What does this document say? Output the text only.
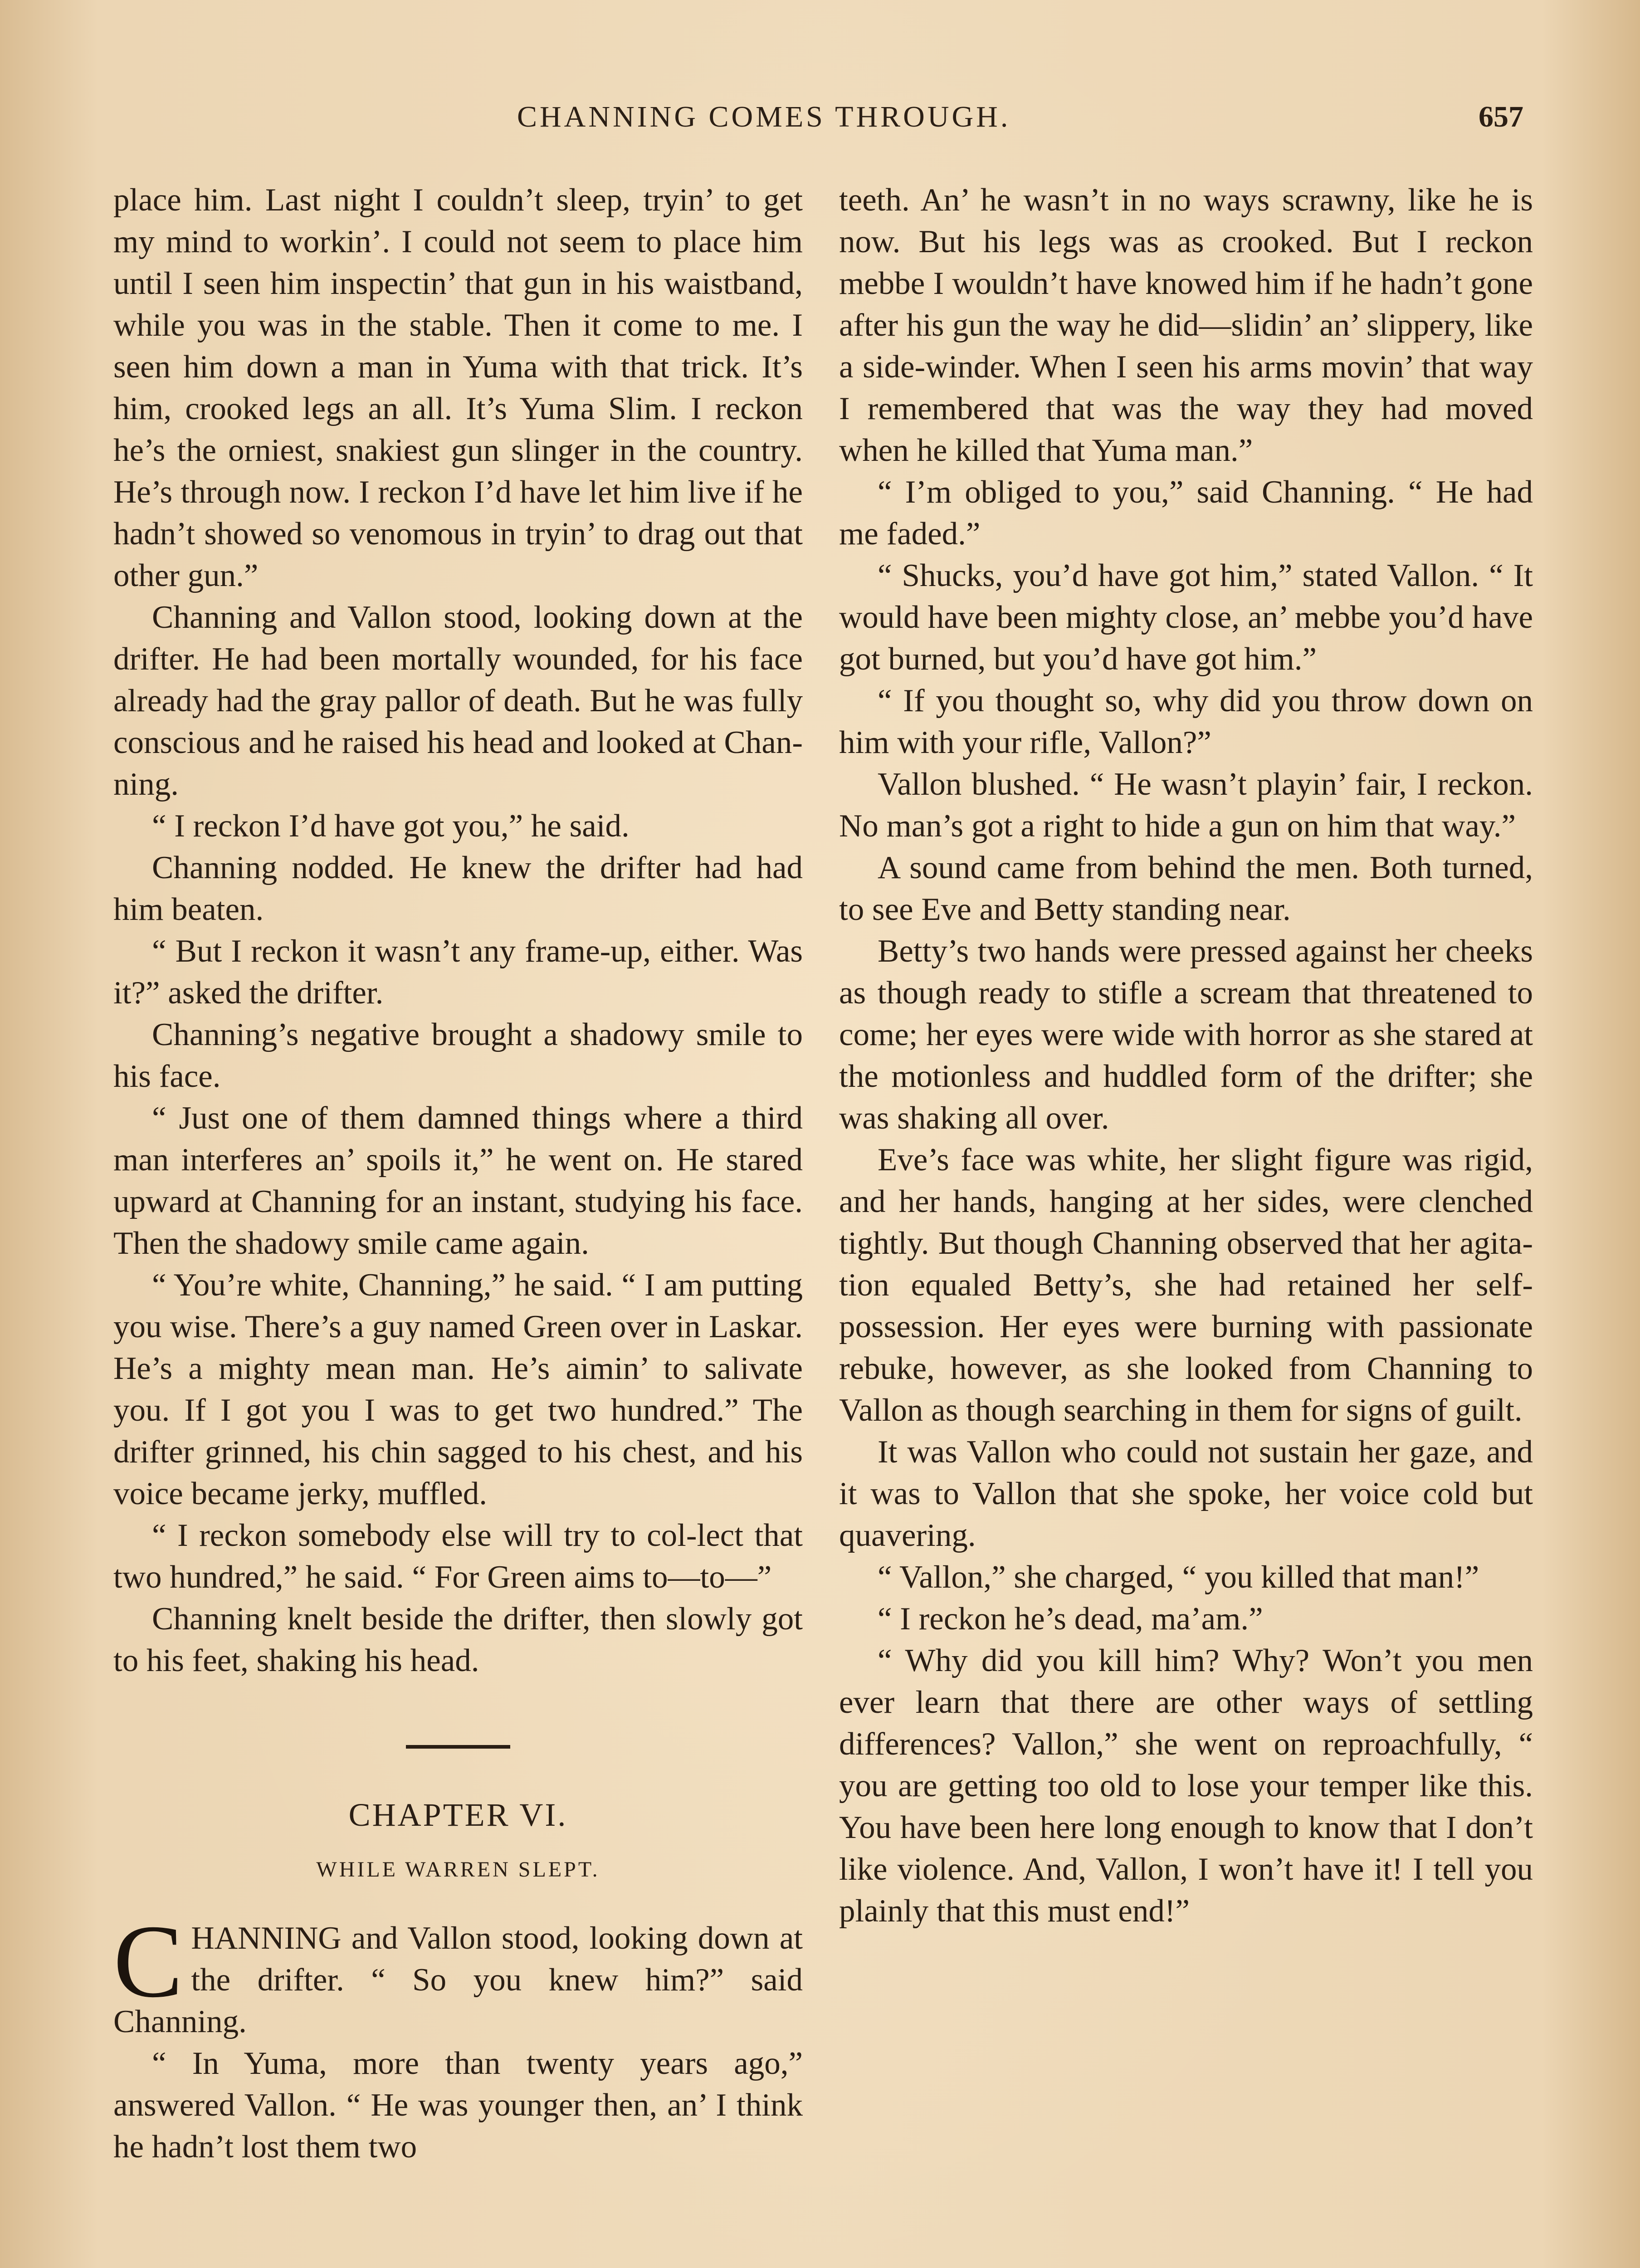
CHANNING COMES THROUGH.	657

place him. Last night I couldn’t sleep, tryin’ to get my mind to workin’. I could not seem to place him until I seen him inspectin’ that gun in his waistband, while you was in the stable. Then it come to me. I seen him down a man in Yuma with that trick. It’s him, crooked legs an all. It’s Yuma Slim. I reckon he’s the orniest, snakiest gun slinger in the country. He’s through now. I reckon I’d have let him live if he hadn’t showed so venomous in tryin’ to drag out that other gun.”

Channing and Vallon stood, looking down at the drifter. He had been mortally wounded, for his face already had the gray pallor of death. But he was fully conscious and he raised his head and looked at Chan-ning.

“ I reckon I’d have got you,” he said.

Channing nodded. He knew the drifter had had him beaten.

“ But I reckon it wasn’t any frame-up, either. Was it?” asked the drifter.

Channing’s negative brought a shadowy smile to his face.

“ Just one of them damned things where a third man interferes an’ spoils it,” he went on. He stared upward at Channing for an instant, studying his face. Then the shadowy smile came again.

“ You’re white, Channing,” he said. “ I am putting you wise. There’s a guy named Green over in Laskar. He’s a mighty mean man. He’s aimin’ to salivate you. If I got you I was to get two hundred.” The drifter grinned, his chin sagged to his chest, and his voice became jerky, muffled.

“ I reckon somebody else will try to col-lect that two hundred,” he said. “ For Green aims to—to—”

Channing knelt beside the drifter, then slowly got to his feet, shaking his head.

CHAPTER VI.
WHILE WARREN SLEPT.

CHANNING and Vallon stood, looking down at the drifter. “ So you knew him?” said Channing.

“ In Yuma, more than twenty years ago,” answered Vallon. “ He was younger then, an’ I think he hadn’t lost them two

teeth. An’ he wasn’t in no ways scrawny, like he is now. But his legs was as crooked. But I reckon mebbe I wouldn’t have knowed him if he hadn’t gone after his gun the way he did—slidin’ an’ slippery, like a side-winder. When I seen his arms movin’ that way I remembered that was the way they had moved when he killed that Yuma man.”

“ I’m obliged to you,” said Channing. “ He had me faded.”

“ Shucks, you’d have got him,” stated Vallon. “ It would have been mighty close, an’ mebbe you’d have got burned, but you’d have got him.”

“ If you thought so, why did you throw down on him with your rifle, Vallon?”

Vallon blushed. “ He wasn’t playin’ fair, I reckon. No man’s got a right to hide a gun on him that way.”

A sound came from behind the men. Both turned, to see Eve and Betty standing near.

Betty’s two hands were pressed against her cheeks as though ready to stifle a scream that threatened to come; her eyes were wide with horror as she stared at the motionless and huddled form of the drifter; she was shaking all over.

Eve’s face was white, her slight figure was rigid, and her hands, hanging at her sides, were clenched tightly. But though Channing observed that her agita-tion equaled Betty’s, she had retained her self-possession. Her eyes were burning with passionate rebuke, however, as she looked from Channing to Vallon as though searching in them for signs of guilt.

It was Vallon who could not sustain her gaze, and it was to Vallon that she spoke, her voice cold but quavering.

“ Vallon,” she charged, “ you killed that man!”

“ I reckon he’s dead, ma’am.”

“ Why did you kill him? Why? Won’t you men ever learn that there are other ways of settling differences? Vallon,” she went on reproachfully, “ you are getting too old to lose your temper like this. You have been here long enough to know that I don’t like violence. And, Vallon, I won’t have it! I tell you plainly that this must end!”
